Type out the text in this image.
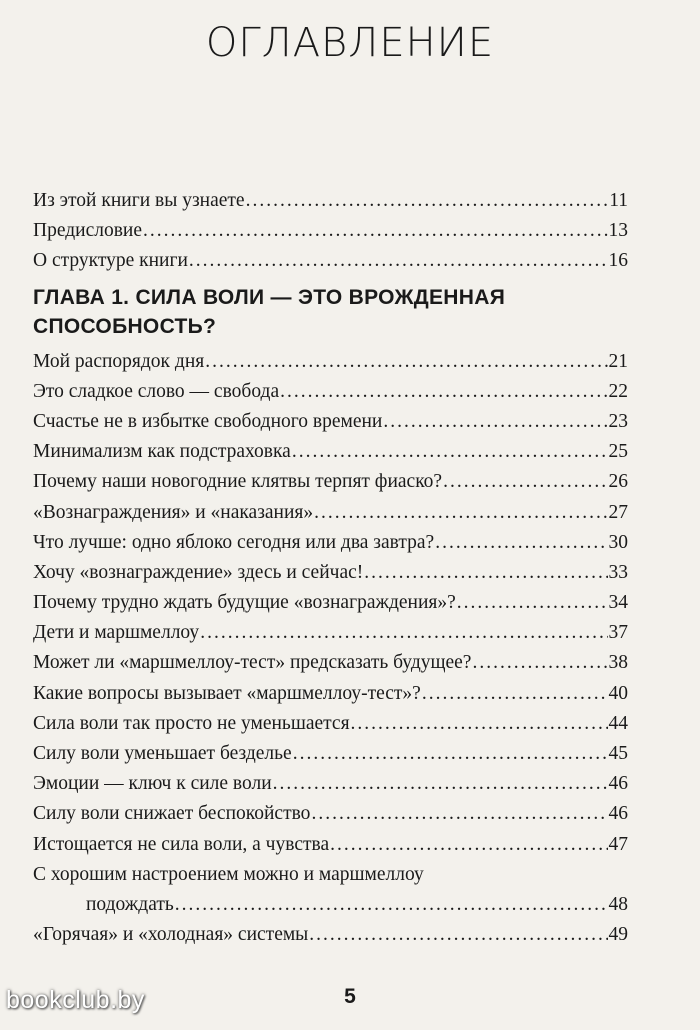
ОГЛАВЛЕНИЕ
Из этой книги вы узнаете .....	11
Предисловие .....	13
О структуре книги .....	16
ГЛАВА 1. СИЛА ВОЛИ — ЭТО ВРОЖДЕННАЯ
СПОСОБНОСТЬ?
Мой распорядок дня .....	21
Это сладкое слово — свобода .....	22
Счастье не в избытке свободного времени .....	23
Минимализм как подстраховка .....	25
Почему наши новогодние клятвы терпят фиаско? .....	26
«Вознаграждения» и «наказания» .....	27
Что лучше: одно яблоко сегодня или два завтра? .....	30
Хочу «вознаграждение» здесь и сейчас! .....	33
Почему трудно ждать будущие «вознаграждения»? .....	34
Дети и маршмеллоу .....	37
Может ли «маршмеллоу-тест» предсказать будущее? .....	38
Какие вопросы вызывает «маршмеллоу-тест»? .....	40
Сила воли так просто не уменьшается .....	44
Силу воли уменьшает безделье .....	45
Эмоции — ключ к силе воли .....	46
Силу воли снижает беспокойство .....	46
Истощается не сила воли, а чувства .....	47
С хорошим настроением можно и маршмеллоу
подождать .....	48
«Горячая» и «холодная» системы .....	49
5
bookclub.by
